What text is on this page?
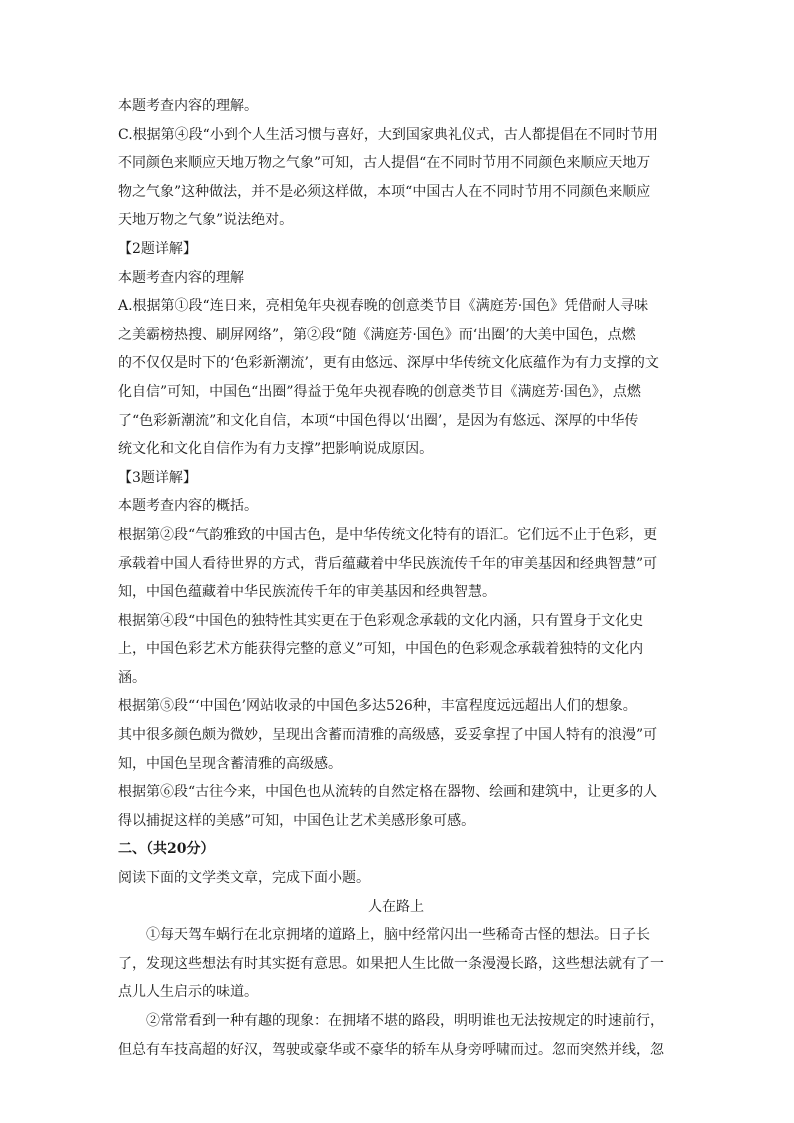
本题考查内容的理解。
C.根据第④段“小到个人生活习惯与喜好，大到国家典礼仪式，古人都提倡在不同时节用
不同颜色来顺应天地万物之气象”可知，古人提倡“在不同时节用不同颜色来顺应天地万
物之气象”这种做法，并不是必须这样做，本项“中国古人在不同时节用不同颜色来顺应
天地万物之气象”说法绝对。
【2题详解】
本题考查内容的理解
A.根据第①段“连日来，亮相兔年央视春晚的创意类节目《满庭芳·国色》凭借耐人寻味
之美霸榜热搜、刷屏网络”，第②段“随《满庭芳·国色》而‘出圈’的大美中国色，点燃
的不仅仅是时下的‘色彩新潮流’，更有由悠远、深厚中华传统文化底蕴作为有力支撑的文
化自信”可知，中国色“出圈”得益于兔年央视春晚的创意类节目《满庭芳·国色》，点燃
了“色彩新潮流”和文化自信，本项“中国色得以‘出圈’，是因为有悠远、深厚的中华传
统文化和文化自信作为有力支撑”把影响说成原因。
【3题详解】
本题考查内容的概括。
根据第②段“气韵雅致的中国古色，是中华传统文化特有的语汇。它们远不止于色彩，更
承载着中国人看待世界的方式，背后蕴藏着中华民族流传千年的审美基因和经典智慧”可
知，中国色蕴藏着中华民族流传千年的审美基因和经典智慧。
根据第④段“中国色的独特性其实更在于色彩观念承载的文化内涵，只有置身于文化史
上，中国色彩艺术方能获得完整的意义”可知，中国色的色彩观念承载着独特的文化内
涵。
根据第⑤段“‘中国色’网站收录的中国色多达526种，丰富程度远远超出人们的想象。
其中很多颜色颇为微妙，呈现出含蓄而清雅的高级感，妥妥拿捏了中国人特有的浪漫”可
知，中国色呈现含蓄清雅的高级感。
根据第⑥段“古往今来，中国色也从流转的自然定格在器物、绘画和建筑中，让更多的人
得以捕捉这样的美感”可知，中国色让艺术美感形象可感。
二、（共20分）
阅读下面的文学类文章，完成下面小题。
人在路上
①每天驾车蜗行在北京拥堵的道路上，脑中经常闪出一些稀奇古怪的想法。日子长
了，发现这些想法有时其实挺有意思。如果把人生比做一条漫漫长路，这些想法就有了一
点儿人生启示的味道。
②常常看到一种有趣的现象：在拥堵不堪的路段，明明谁也无法按规定的时速前行，
但总有车技高超的好汉，驾驶或豪华或不豪华的轿车从身旁呼啸而过。忽而突然并线，忽
